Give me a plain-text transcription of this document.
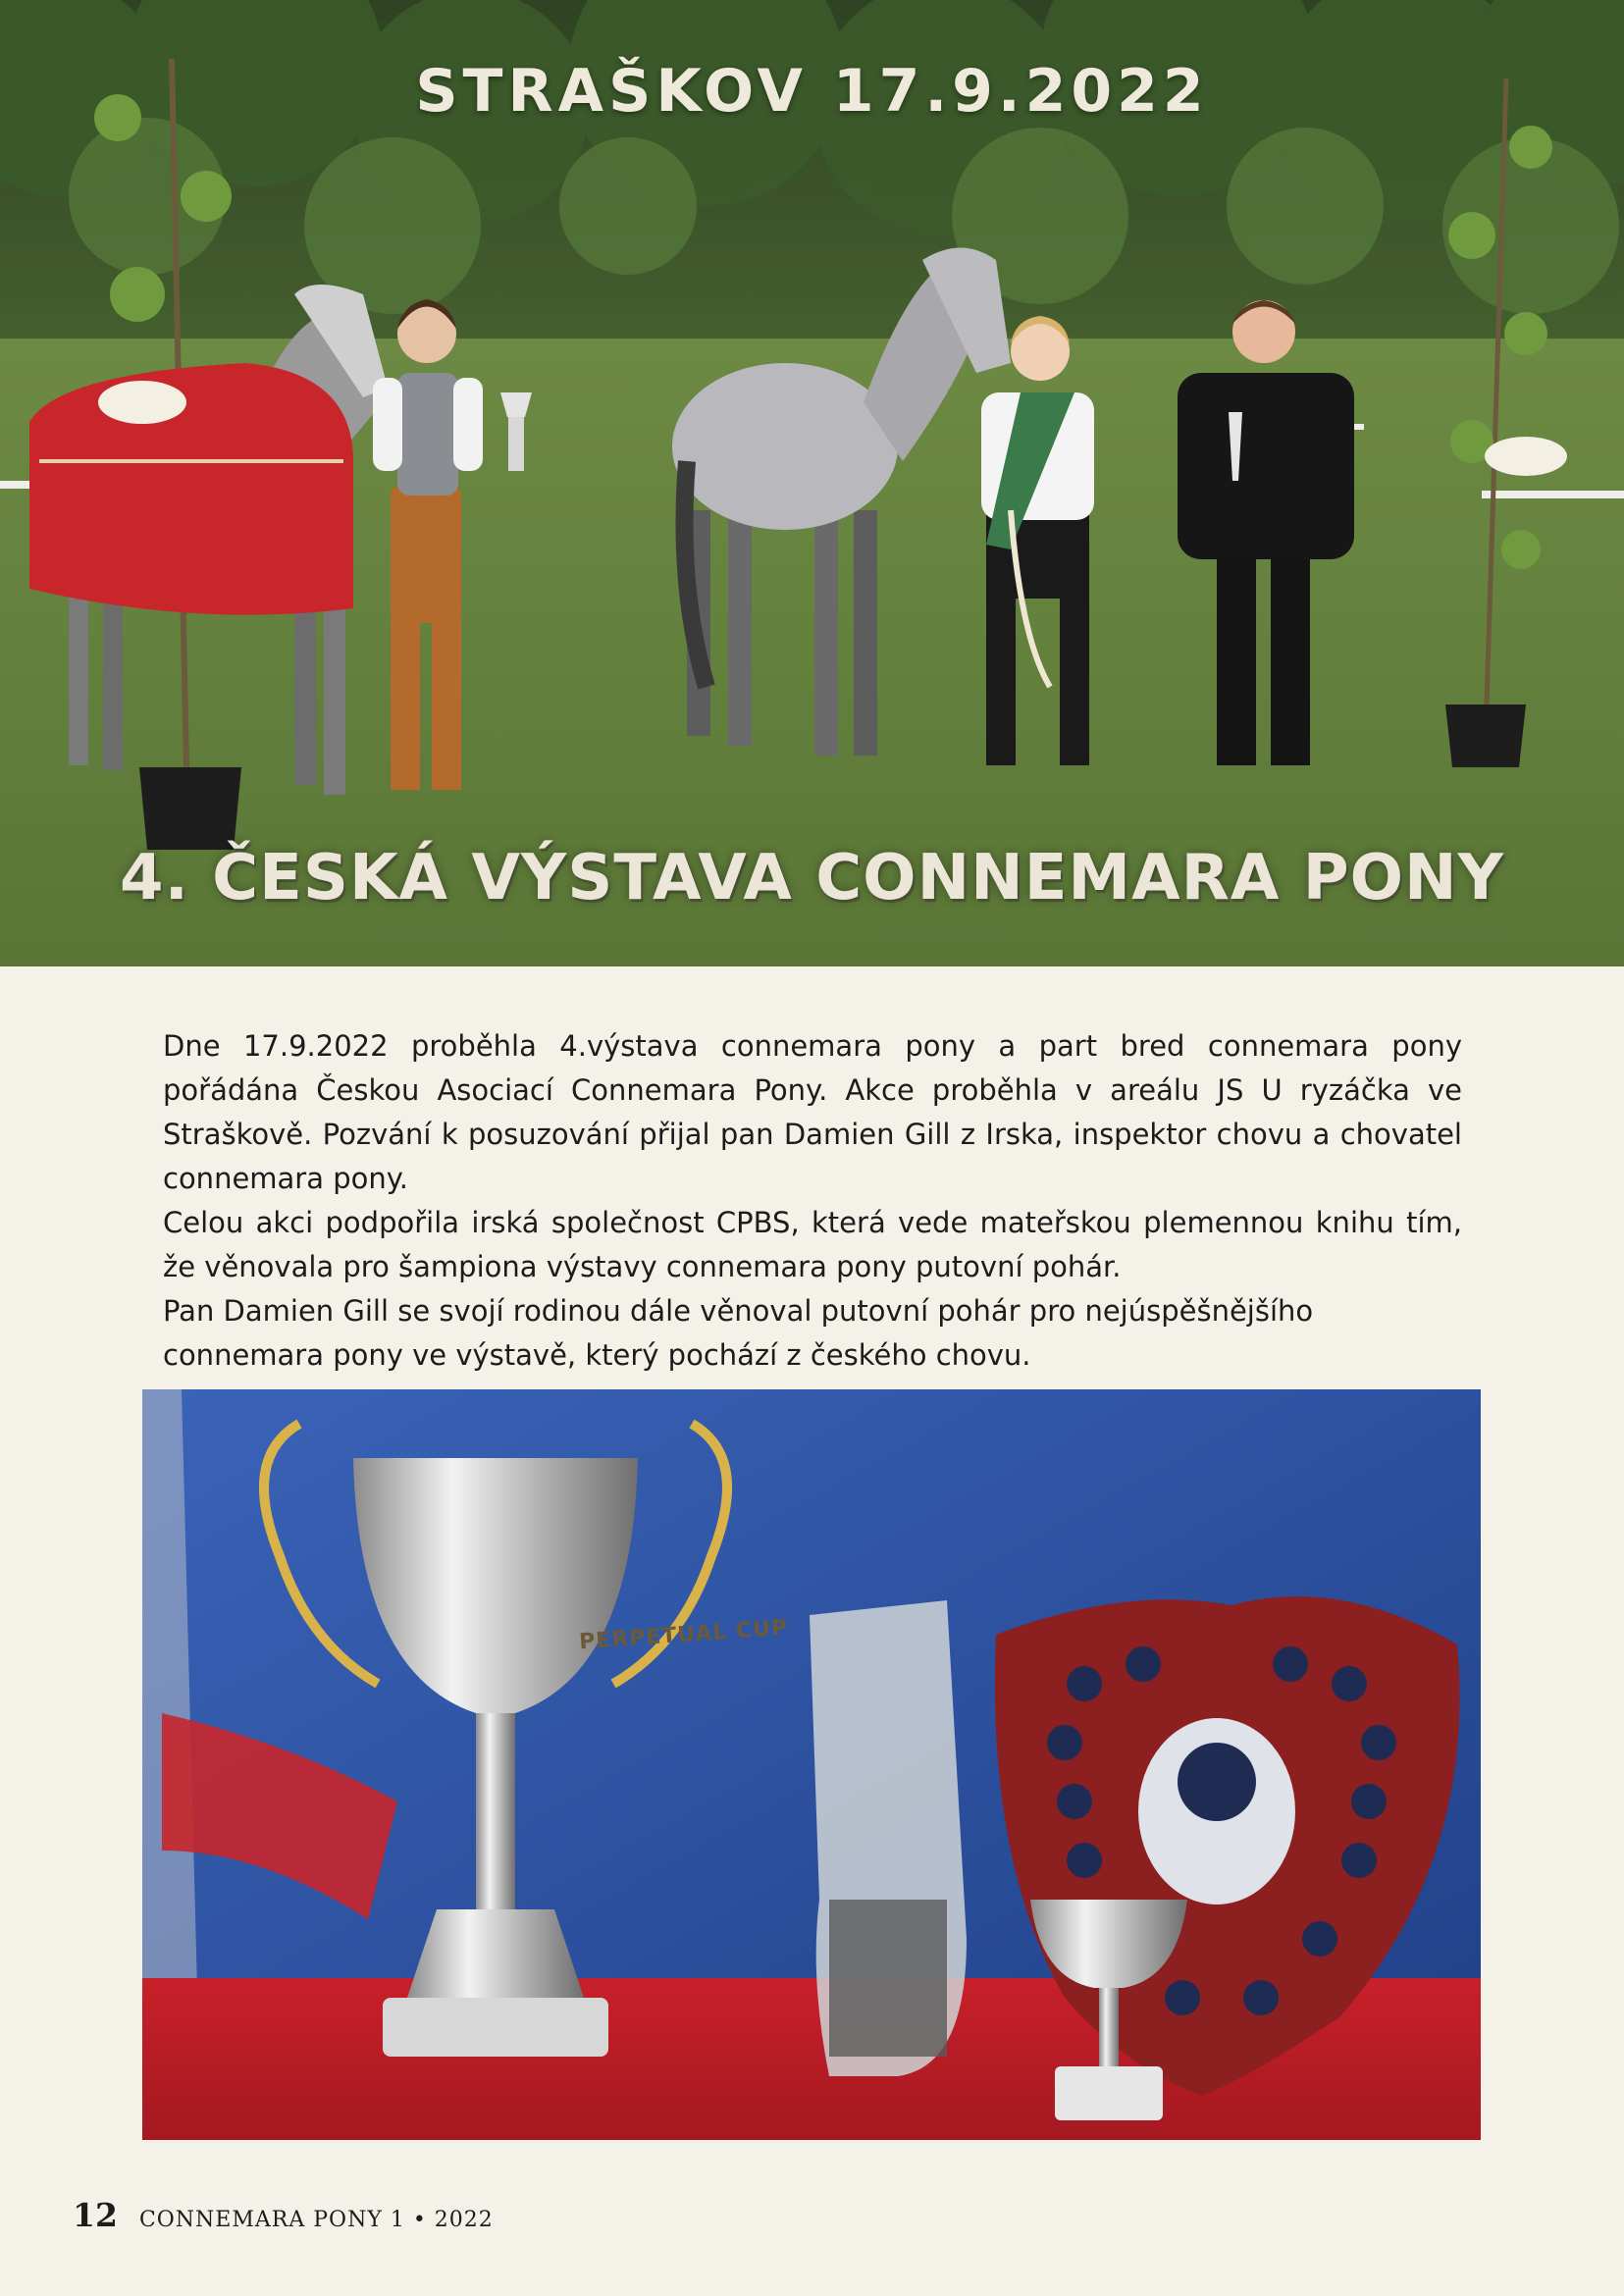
STRAŠKOV 17.9.2022
4. ČESKÁ VÝSTAVA CONNEMARA PONY

Dne 17.9.2022 proběhla 4.výstava connemara pony a part bred connemara pony pořádána Českou Asociací Connemara Pony. Akce proběhla v areálu JS U ryzáčka ve Straškově. Pozvání k posuzování přijal pan Damien Gill z Irska, inspektor chovu a chovatel connemara pony.

Celou akci podpořila irská společnost CPBS, která vede mateřskou plemennou knihu tím, že věnovala pro šampiona výstavy connemara pony putovní pohár.

Pan Damien Gill se svojí rodinou dále věnoval putovní pohár pro nejúspěšnějšího connemara pony ve výstavě, který pochází z českého chovu.

PERPETUAL CUP
12 CONNEMARA PONY 1 • 2022
